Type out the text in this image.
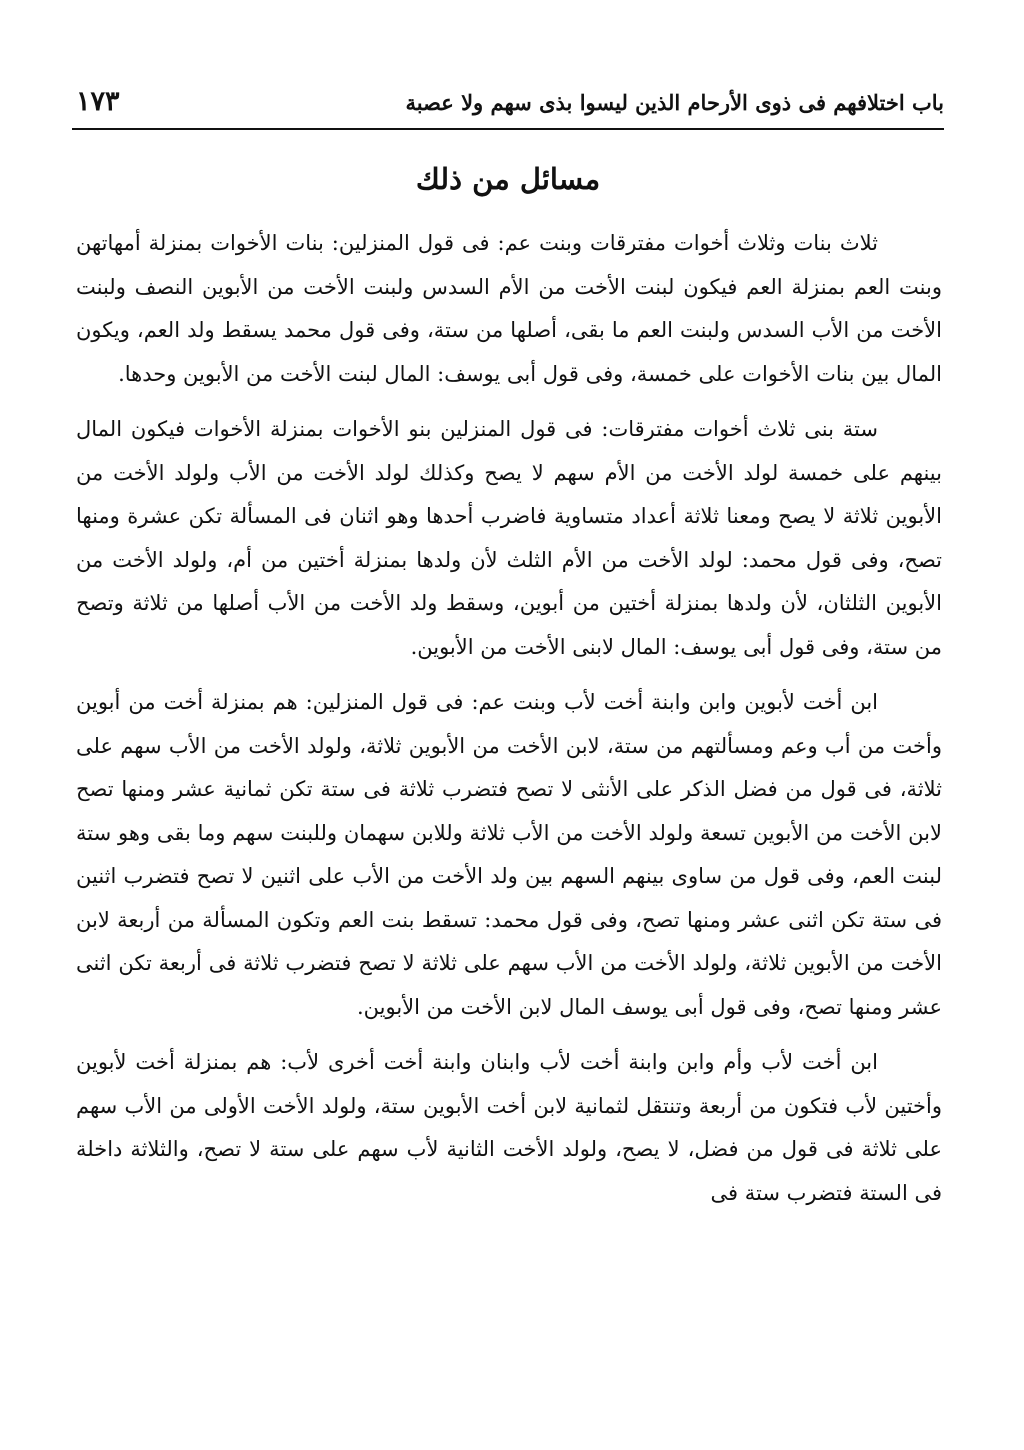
باب اختلافهم فى ذوى الأرحام الذين ليسوا بذى سهم ولا عصبة
١٧٣
مسائل من ذلك

ثلاث بنات وثلاث أخوات مفترقات وبنت عم: فى قول المنزلين: بنات الأخوات بمنزلة أمهاتهن وبنت العم بمنزلة العم فيكون لبنت الأخت من الأم السدس ولبنت الأخت من الأبوين النصف ولبنت الأخت من الأب السدس ولبنت العم ما بقى، أصلها من ستة، وفى قول محمد يسقط ولد العم، ويكون المال بين بنات الأخوات على خمسة، وفى قول أبى يوسف: المال لبنت الأخت من الأبوين وحدها.

ستة بنى ثلاث أخوات مفترقات: فى قول المنزلين بنو الأخوات بمنزلة الأخوات فيكون المال بينهم على خمسة لولد الأخت من الأم سهم لا يصح وكذلك لولد الأخت من الأب ولولد الأخت من الأبوين ثلاثة لا يصح ومعنا ثلاثة أعداد متساوية فاضرب أحدها وهو اثنان فى المسألة تكن عشرة ومنها تصح، وفى قول محمد: لولد الأخت من الأم الثلث لأن ولدها بمنزلة أختين من أم، ولولد الأخت من الأبوين الثلثان، لأن ولدها بمنزلة أختين من أبوين، وسقط ولد الأخت من الأب أصلها من ثلاثة وتصح من ستة، وفى قول أبى يوسف: المال لابنى الأخت من الأبوين.

ابن أخت لأبوين وابن وابنة أخت لأب وبنت عم: فى قول المنزلين: هم بمنزلة أخت من أبوين وأخت من أب وعم ومسألتهم من ستة، لابن الأخت من الأبوين ثلاثة، ولولد الأخت من الأب سهم على ثلاثة، فى قول من فضل الذكر على الأنثى لا تصح فتضرب ثلاثة فى ستة تكن ثمانية عشر ومنها تصح لابن الأخت من الأبوين تسعة ولولد الأخت من الأب ثلاثة وللابن سهمان وللبنت سهم وما بقى وهو ستة لبنت العم، وفى قول من ساوى بينهم السهم بين ولد الأخت من الأب على اثنين لا تصح فتضرب اثنين فى ستة تكن اثنى عشر ومنها تصح، وفى قول محمد: تسقط بنت العم وتكون المسألة من أربعة لابن الأخت من الأبوين ثلاثة، ولولد الأخت من الأب سهم على ثلاثة لا تصح فتضرب ثلاثة فى أربعة تكن اثنى عشر ومنها تصح، وفى قول أبى يوسف المال لابن الأخت من الأبوين.

ابن أخت لأب وأم وابن وابنة أخت لأب وابنان وابنة أخت أخرى لأب: هم بمنزلة أخت لأبوين وأختين لأب فتكون من أربعة وتنتقل لثمانية لابن أخت الأبوين ستة، ولولد الأخت الأولى من الأب سهم على ثلاثة فى قول من فضل، لا يصح، ولولد الأخت الثانية لأب سهم على ستة لا تصح، والثلاثة داخلة فى الستة فتضرب ستة فى
